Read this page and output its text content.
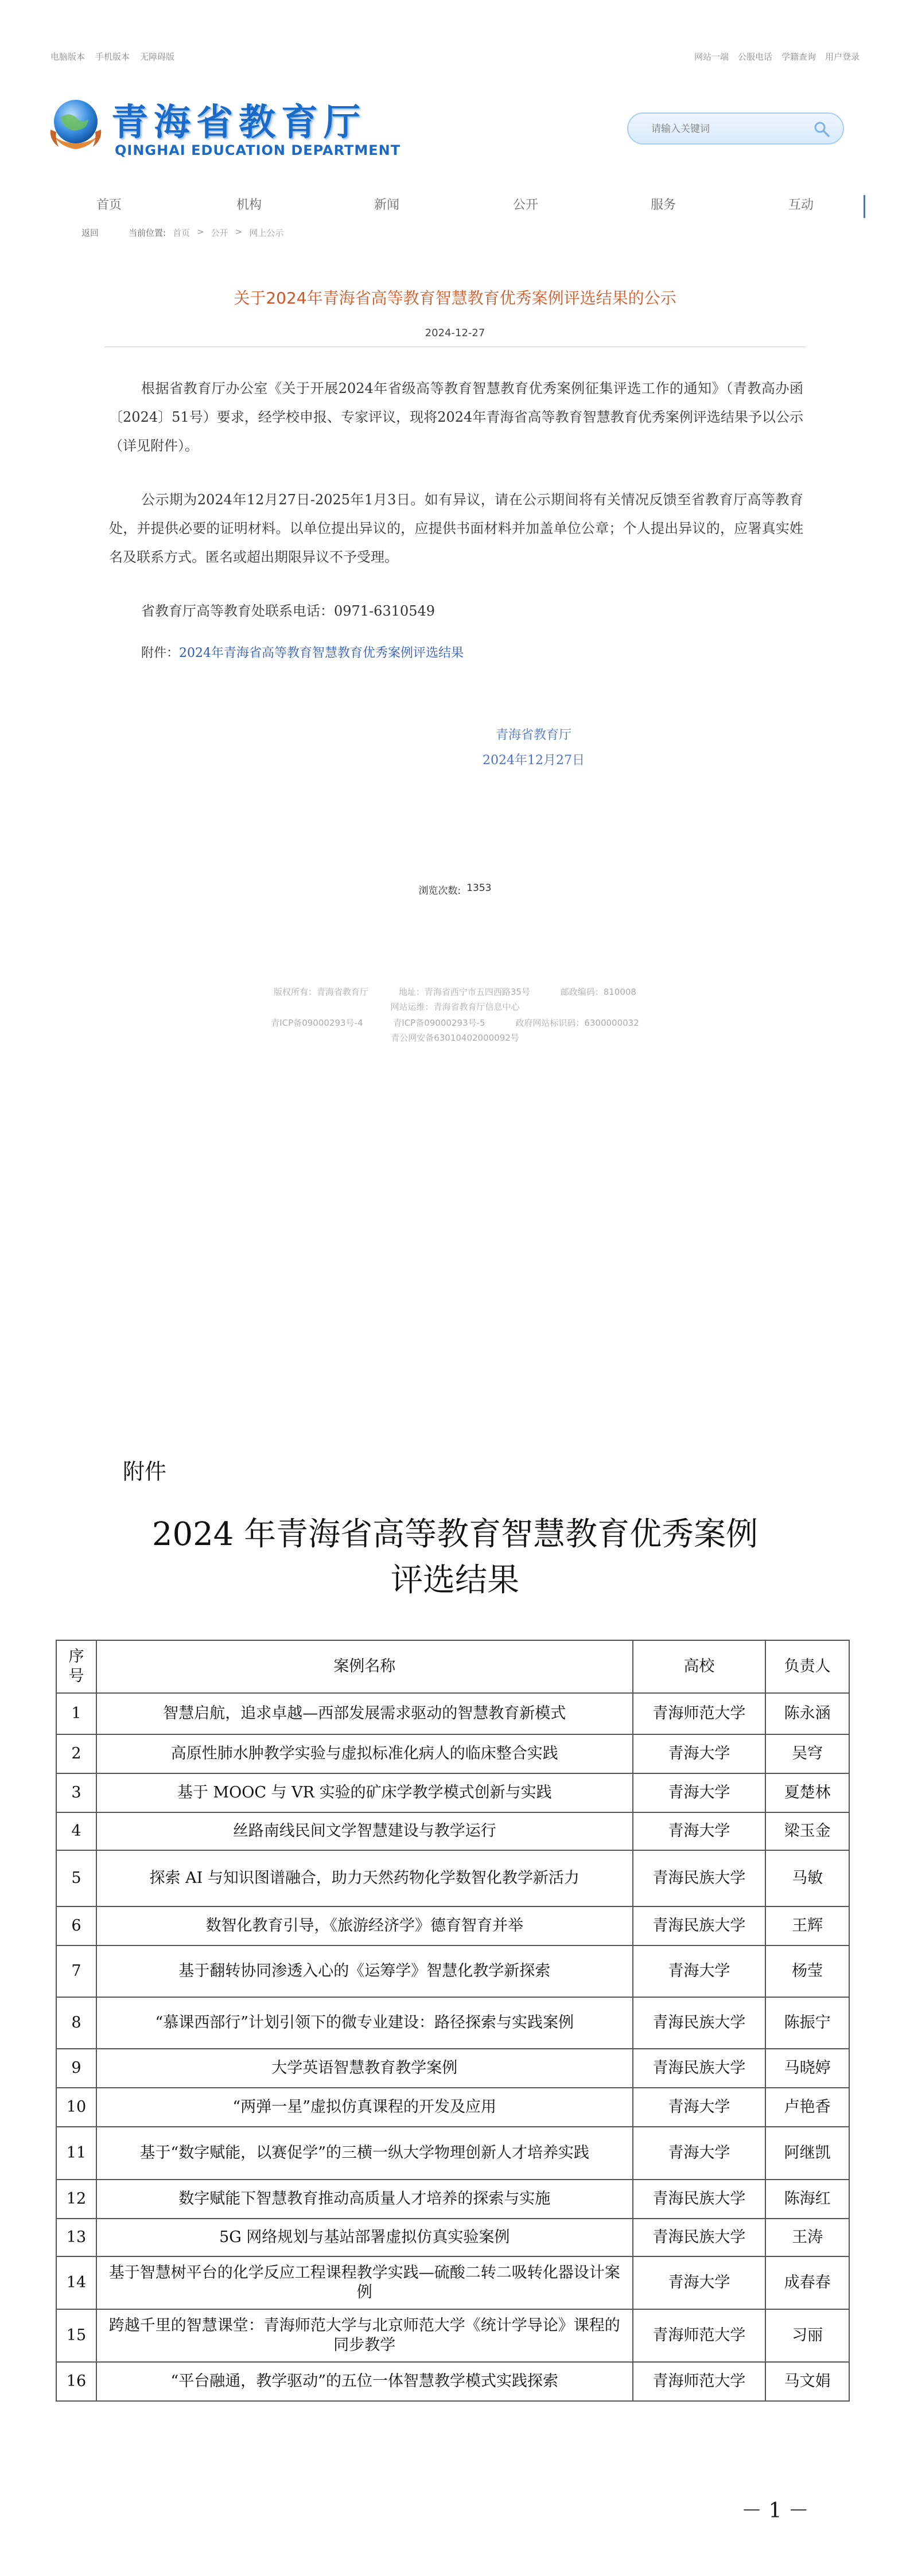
电脑版本 手机版本 无障碍版	网站一端 公服电话 学籍查询 用户登录
青海省教育厅
QINGHAI EDUCATION DEPARTMENT
请输入关键词
首页	机构	新闻	公开	服务	互动
返回	当前位置: 首页 > 公开 > 网上公示
关于2024年青海省高等教育智慧教育优秀案例评选结果的公示
2024-12-27

根据省教育厅办公室《关于开展2024年省级高等教育智慧教育优秀案例征集评选工作的通知》（青教高办函〔2024〕51号）要求，经学校申报、专家评议，现将2024年青海省高等教育智慧教育优秀案例评选结果予以公示（详见附件）。

公示期为2024年12月27日-2025年1月3日。如有异议，请在公示期间将有关情况反馈至省教育厅高等教育处，并提供必要的证明材料。以单位提出异议的，应提供书面材料并加盖单位公章；个人提出异议的，应署真实姓名及联系方式。匿名或超出期限异议不予受理。

省教育厅高等教育处联系电话：0971-6310549

附件：2024年青海省高等教育智慧教育优秀案例评选结果

青海省教育厅
2024年12月27日
浏览次数: 1353
版权所有：青海省教育厅	地址：青海省西宁市五四西路35号	邮政编码：810008
网站运维：青海省教育厅信息中心
青ICP备09000293号-4	青ICP备09000293号-5	政府网站标识码：6300000032
青公网安备63010402000092号
附件
2024 年青海省高等教育智慧教育优秀案例
评选结果
序号	案例名称	高校	负责人
1	智慧启航，追求卓越—西部发展需求驱动的智慧教育新模式	青海师范大学	陈永涵
2	高原性肺水肿教学实验与虚拟标准化病人的临床整合实践	青海大学	吴穹
3	基于 MOOC 与 VR 实验的矿床学教学模式创新与实践	青海大学	夏楚林
4	丝路南线民间文学智慧建设与教学运行	青海大学	梁玉金
5	探索 AI 与知识图谱融合，助力天然药物化学数智化教学新活力	青海民族大学	马敏
6	数智化教育引导，《旅游经济学》德育智育并举	青海民族大学	王辉
7	基于翻转协同渗透入心的《运筹学》智慧化教学新探索	青海大学	杨莹
8	“慕课西部行”计划引领下的微专业建设：路径探索与实践案例	青海民族大学	陈振宁
9	大学英语智慧教育教学案例	青海民族大学	马晓婷
10	“两弹一星”虚拟仿真课程的开发及应用	青海大学	卢艳香
11	基于“数字赋能，以赛促学”的三横一纵大学物理创新人才培养实践	青海大学	阿继凯
12	数字赋能下智慧教育推动高质量人才培养的探索与实施	青海民族大学	陈海红
13	5G 网络规划与基站部署虚拟仿真实验案例	青海民族大学	王涛
14	基于智慧树平台的化学反应工程课程教学实践—硫酸二转二吸转化器设计案例	青海大学	成春春
15	跨越千里的智慧课堂：青海师范大学与北京师范大学《统计学导论》课程的同步教学	青海师范大学	习丽
16	“平台融通，教学驱动”的五位一体智慧教学模式实践探索	青海师范大学	马文娟
－ 1 －
